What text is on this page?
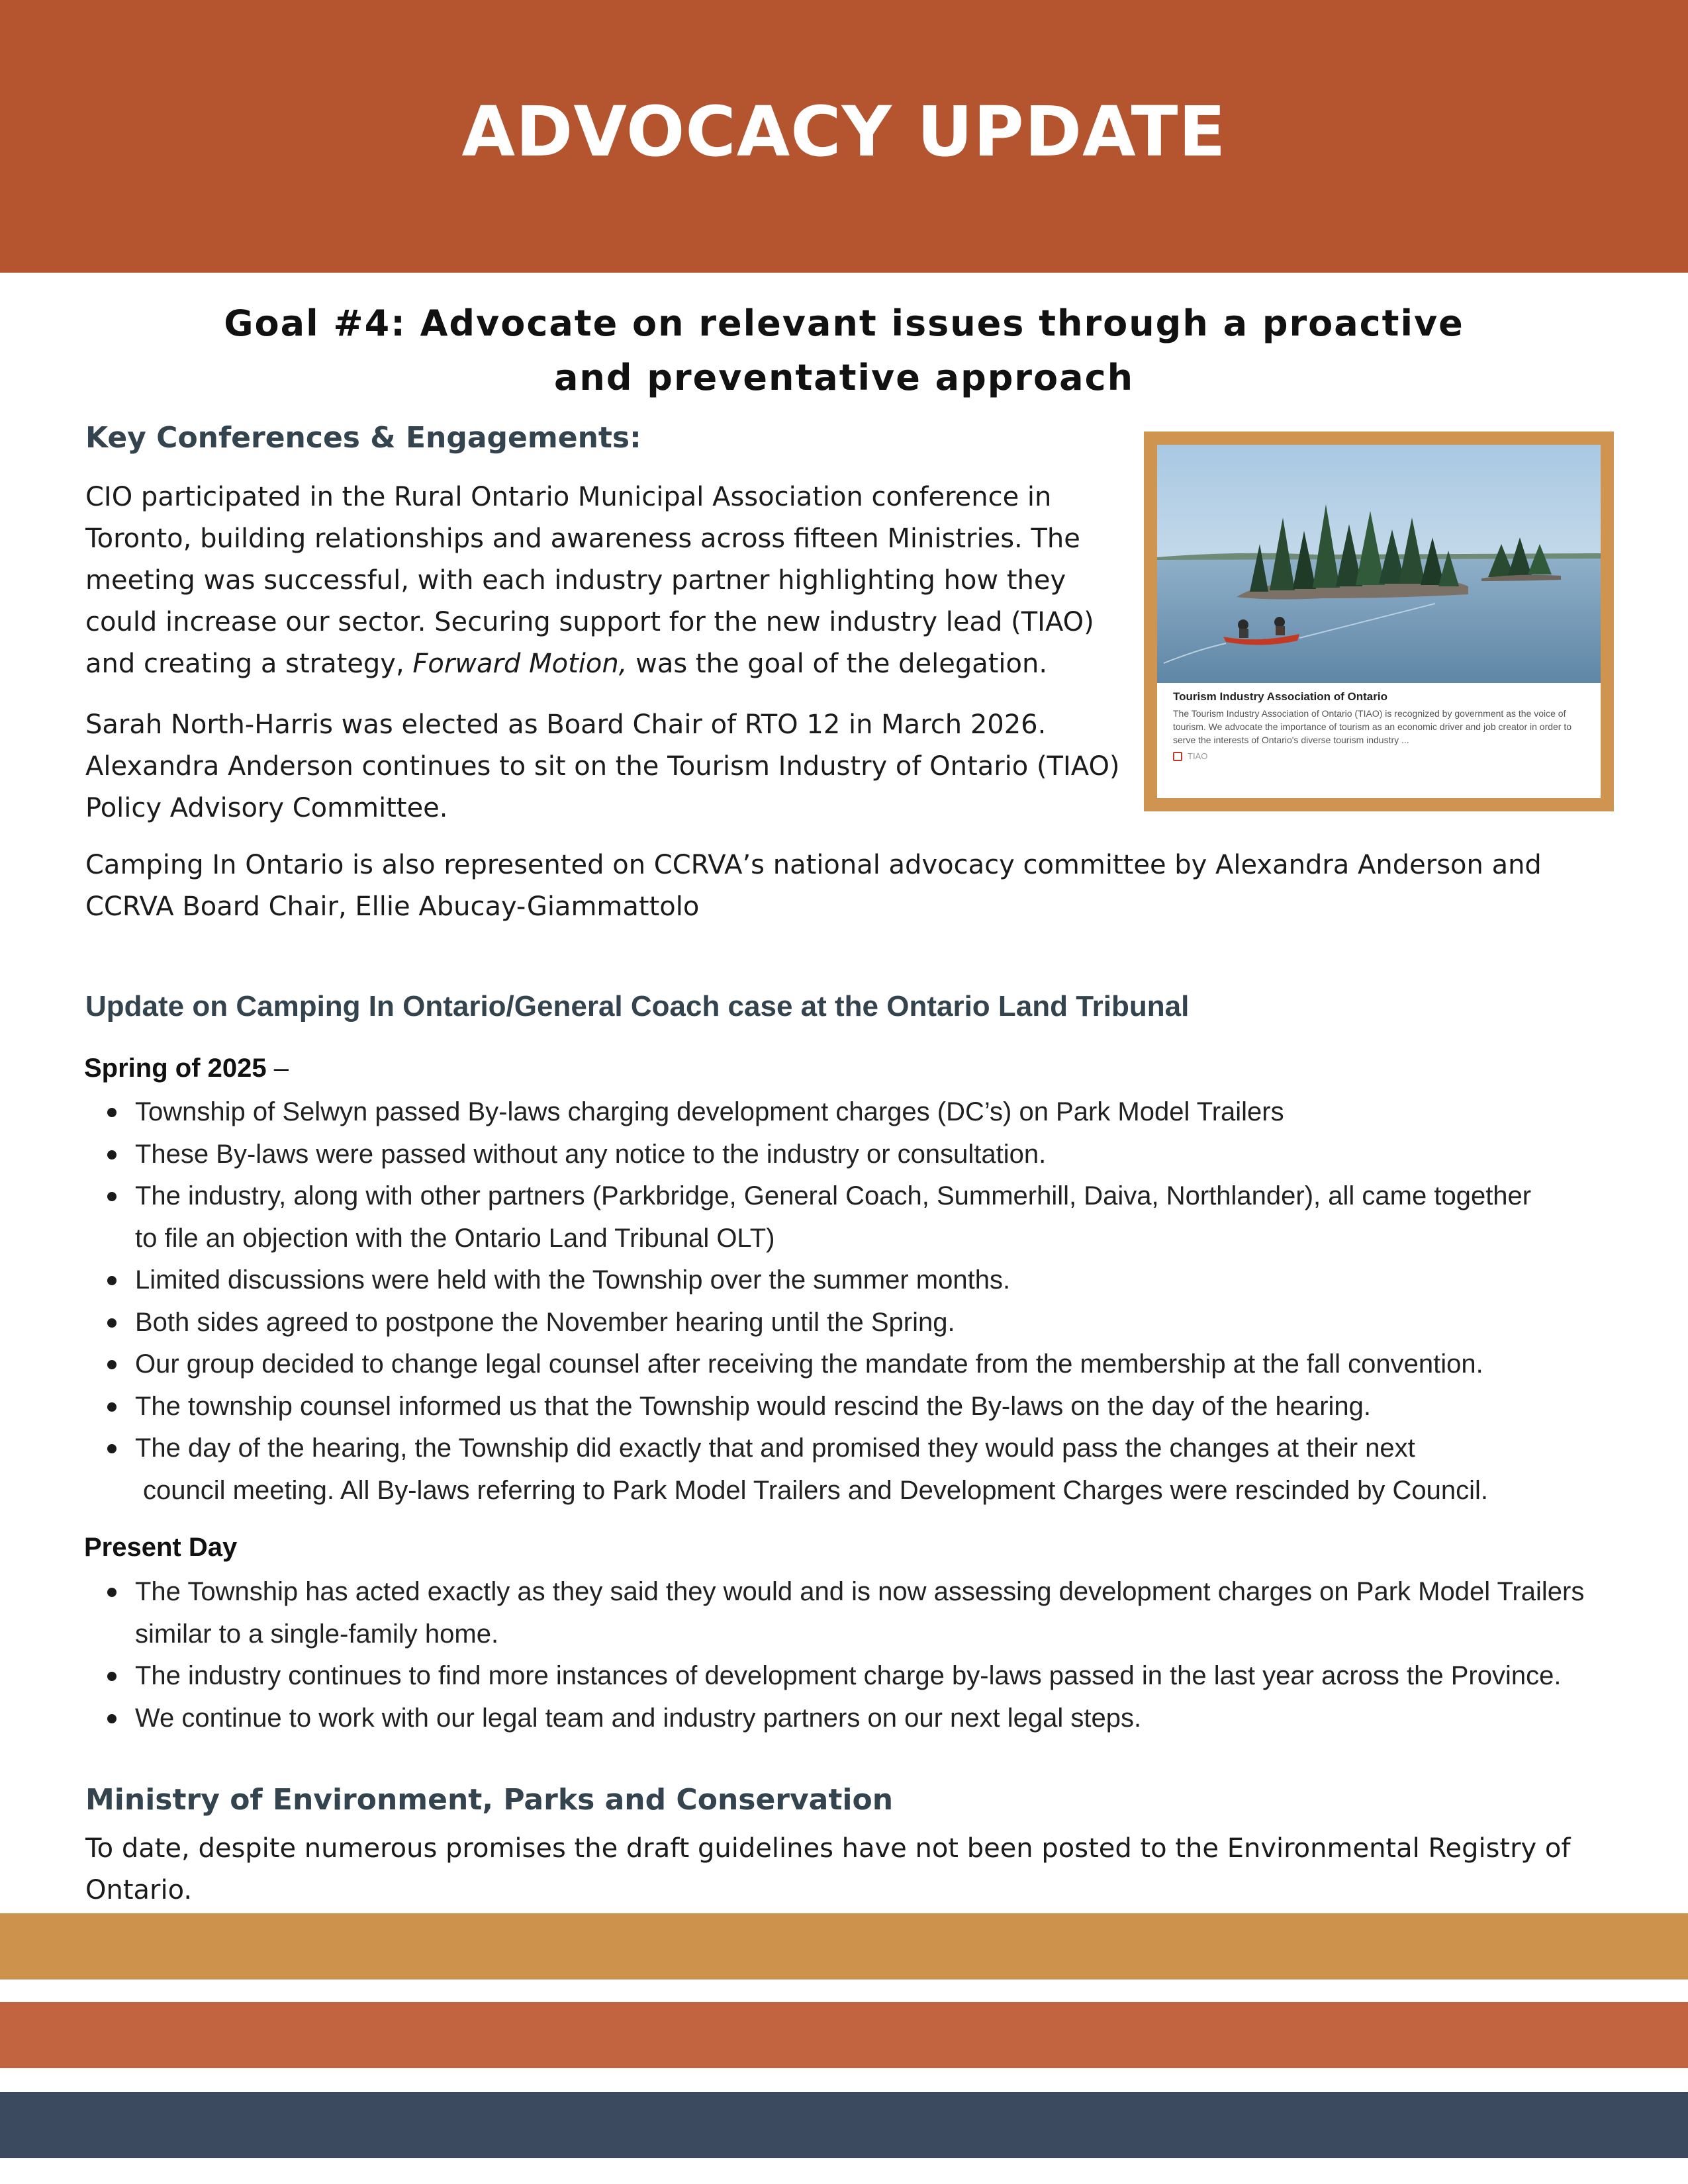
ADVOCACY UPDATE
Goal #4: Advocate on relevant issues through a proactive
and preventative approach
Key Conferences & Engagements:
CIO participated in the Rural Ontario Municipal Association conference in
Toronto, building relationships and awareness across fifteen Ministries. The
meeting was successful, with each industry partner highlighting how they
could increase our sector. Securing support for the new industry lead (TIAO)
and creating a strategy, Forward Motion, was the goal of the delegation.
Sarah North-Harris was elected as Board Chair of RTO 12 in March 2026.
Alexandra Anderson continues to sit on the Tourism Industry of Ontario (TIAO)
Policy Advisory Committee.
Camping In Ontario is also represented on CCRVA’s national advocacy committee by Alexandra Anderson and
CCRVA Board Chair, Ellie Abucay-Giammattolo
Tourism Industry Association of Ontario
The Tourism Industry Association of Ontario (TIAO) is recognized by government as the voice of tourism. We advocate the importance of tourism as an economic driver and job creator in order to serve the interests of Ontario's diverse tourism industry ...
TIAO
Update on Camping In Ontario/General Coach case at the Ontario Land Tribunal
Spring of 2025 –
Township of Selwyn passed By-laws charging development charges (DC’s) on Park Model Trailers
These By-laws were passed without any notice to the industry or consultation.
The industry, along with other partners (Parkbridge, General Coach, Summerhill, Daiva, Northlander), all came together
to file an objection with the Ontario Land Tribunal OLT)
Limited discussions were held with the Township over the summer months.
Both sides agreed to postpone the November hearing until the Spring.
Our group decided to change legal counsel after receiving the mandate from the membership at the fall convention.
The township counsel informed us that the Township would rescind the By-laws on the day of the hearing.
The day of the hearing, the Township did exactly that and promised they would pass the changes at their next
council meeting. All By-laws referring to Park Model Trailers and Development Charges were rescinded by Council.
Present Day
The Township has acted exactly as they said they would and is now assessing development charges on Park Model Trailers
similar to a single-family home.
The industry continues to find more instances of development charge by-laws passed in the last year across the Province.
We continue to work with our legal team and industry partners on our next legal steps.
Ministry of Environment, Parks and Conservation
To date, despite numerous promises the draft guidelines have not been posted to the Environmental Registry of Ontario.
